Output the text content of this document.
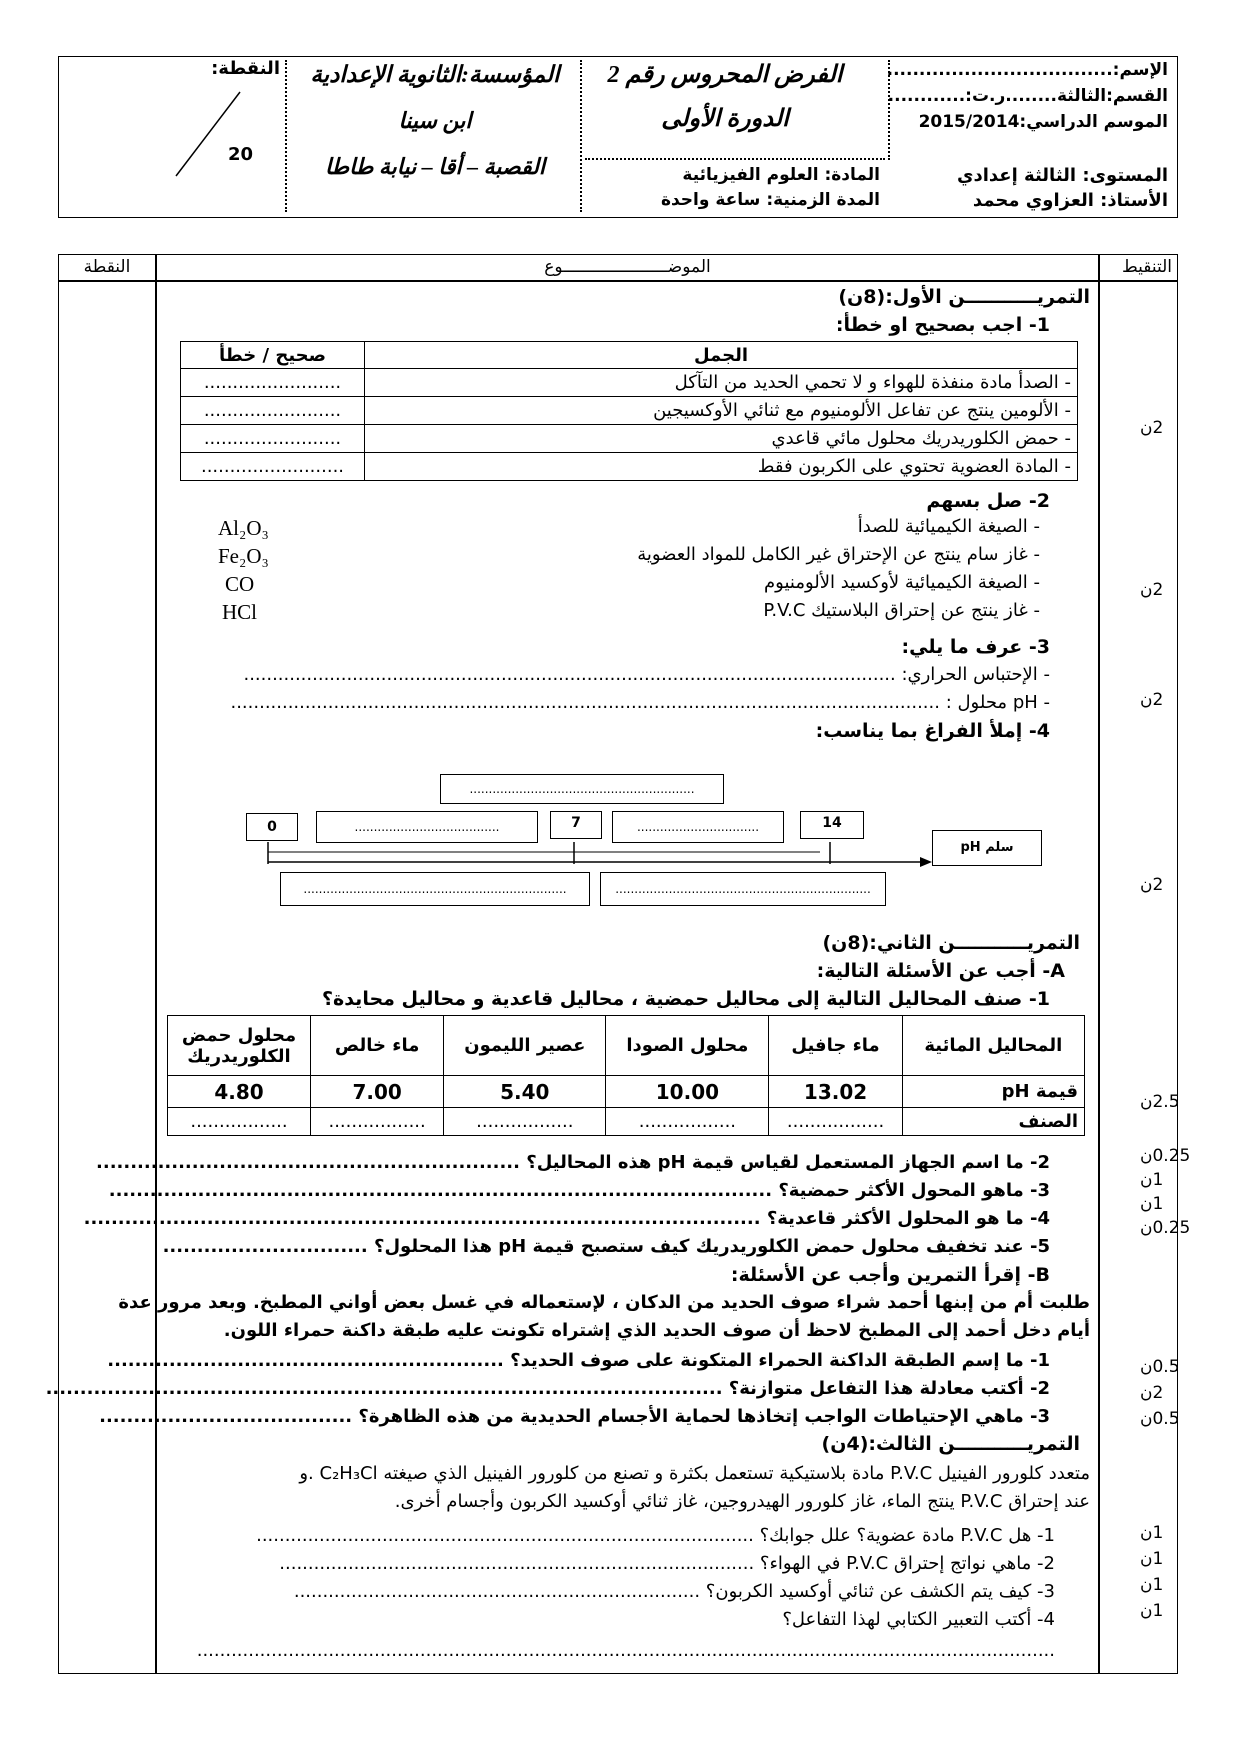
الإسم:...................................
القسم:الثالثة........ر.ت:............
الموسم الدراسي:2015/2014
المستوى: الثالثة إعدادي
الأستاذ: العزاوي محمد
الفرض المحروس رقم 2
الدورة الأولى
المادة: العلوم الفيزيائية
المدة الزمنية: ساعة واحدة
المؤسسة:الثانوية الإعدادية
ابن سينا
القصبة – أقا – نيابة طاطا
النقطة:
20
التنقيط
الموضـــــــــــــــــــــوع
النقطة
التمريـــــــــــن الأول:(8ن)
1- اجب بصحيح او خطأ:
الجمل	صحيح / خطأ
- الصدأ مادة منفذة للهواء و لا تحمي الحديد من التآكل	........................
- الألومين ينتج عن تفاعل الألومنيوم مع ثنائي الأوكسيجين	........................
- حمض الكلوريدريك محلول مائي قاعدي	........................
- المادة العضوية تحتوي على الكربون فقط	.........................
2- صل بسهم
- الصيغة الكيميائية للصدأ
- غاز سام ينتج عن الإحتراق غير الكامل للمواد العضوية
- الصيغة الكيميائية لأوكسيد الألومنيوم
- غاز ينتج عن إحتراق البلاستيك P.V.C
Al₂O₃
Fe₂O₃
CO
HCl
3- عرف ما يلي:
- الإحتباس الحراري: ..................................................................................................................
- pH محلول : ............................................................................................................................
4- إملأ الفراغ بما يناسب:
...........................................................
0	......................................	7	................................	14
سلم pH
.....................................................................	...................................................................
التمريـــــــــــن الثاني:(8ن)
A- أجب عن الأسئلة التالية:
1- صنف المحاليل التالية إلى محاليل حمضية ، محاليل قاعدية و محاليل محايدة؟
المحاليل المائية	ماء جافيل	محلول الصودا	عصير الليمون	ماء خالص	محلول حمض الكلوريدريك
قيمة pH	13.02	10.00	5.40	7.00	4.80
الصنف	.................	.................	.................	.................	.................
2- ما اسم الجهاز المستعمل لقياس قيمة pH هذه المحاليل؟ ..............................................................
3- ماهو المحول الأكثر حمضية؟ .................................................................................................
4- ما هو المحلول الأكثر قاعدية؟ ...................................................................................................
5- عند تخفيف محلول حمض الكلوريدريك كيف ستصبح قيمة pH هذا المحلول؟ ..............................
B- إقرأ التمرين وأجب عن الأسئلة:
طلبت أم من إبنها أحمد شراء صوف الحديد من الدكان ، لإستعماله في غسل بعض أواني المطبخ. وبعد مرور عدة
أيام دخل أحمد إلى المطبخ لاحظ أن صوف الحديد الذي إشتراه تكونت عليه طبقة داكنة حمراء اللون.
1- ما إسم الطبقة الداكنة الحمراء المتكونة على صوف الحديد؟ ..........................................................
2- أكتب معادلة هذا التفاعل متوازنة؟ ...................................................................................................
3- ماهي الإحتياطات الواجب إتخاذها لحماية الأجسام الحديدية من هذه الظاهرة؟ .....................................
التمريـــــــــــن الثالث:(4ن)
متعدد كلورور الفينيل P.V.C مادة بلاستيكية تستعمل بكثرة و تصنع من كلورور الفينيل الذي صيغته C₂H₃Cl .و
عند إحتراق P.V.C ينتج الماء، غاز كلورور الهيدروجين، غاز ثنائي أوكسيد الكربون وأجسام أخرى.
1- هل P.V.C مادة عضوية؟ علل جوابك؟ .......................................................................................
2- ماهي نواتج إحتراق P.V.C في الهواء؟ ...................................................................................
3- كيف يتم الكشف عن ثنائي أوكسيد الكربون؟ .......................................................................
4- أكتب التعبير الكتابي لهذا التفاعل؟
......................................................................................................................................................
2ن
2ن
2ن
2ن
2.5ن
0.25ن
1ن
1ن
0.25ن
0.5ن
2ن
0.5ن
1ن
1ن
1ن
1ن
